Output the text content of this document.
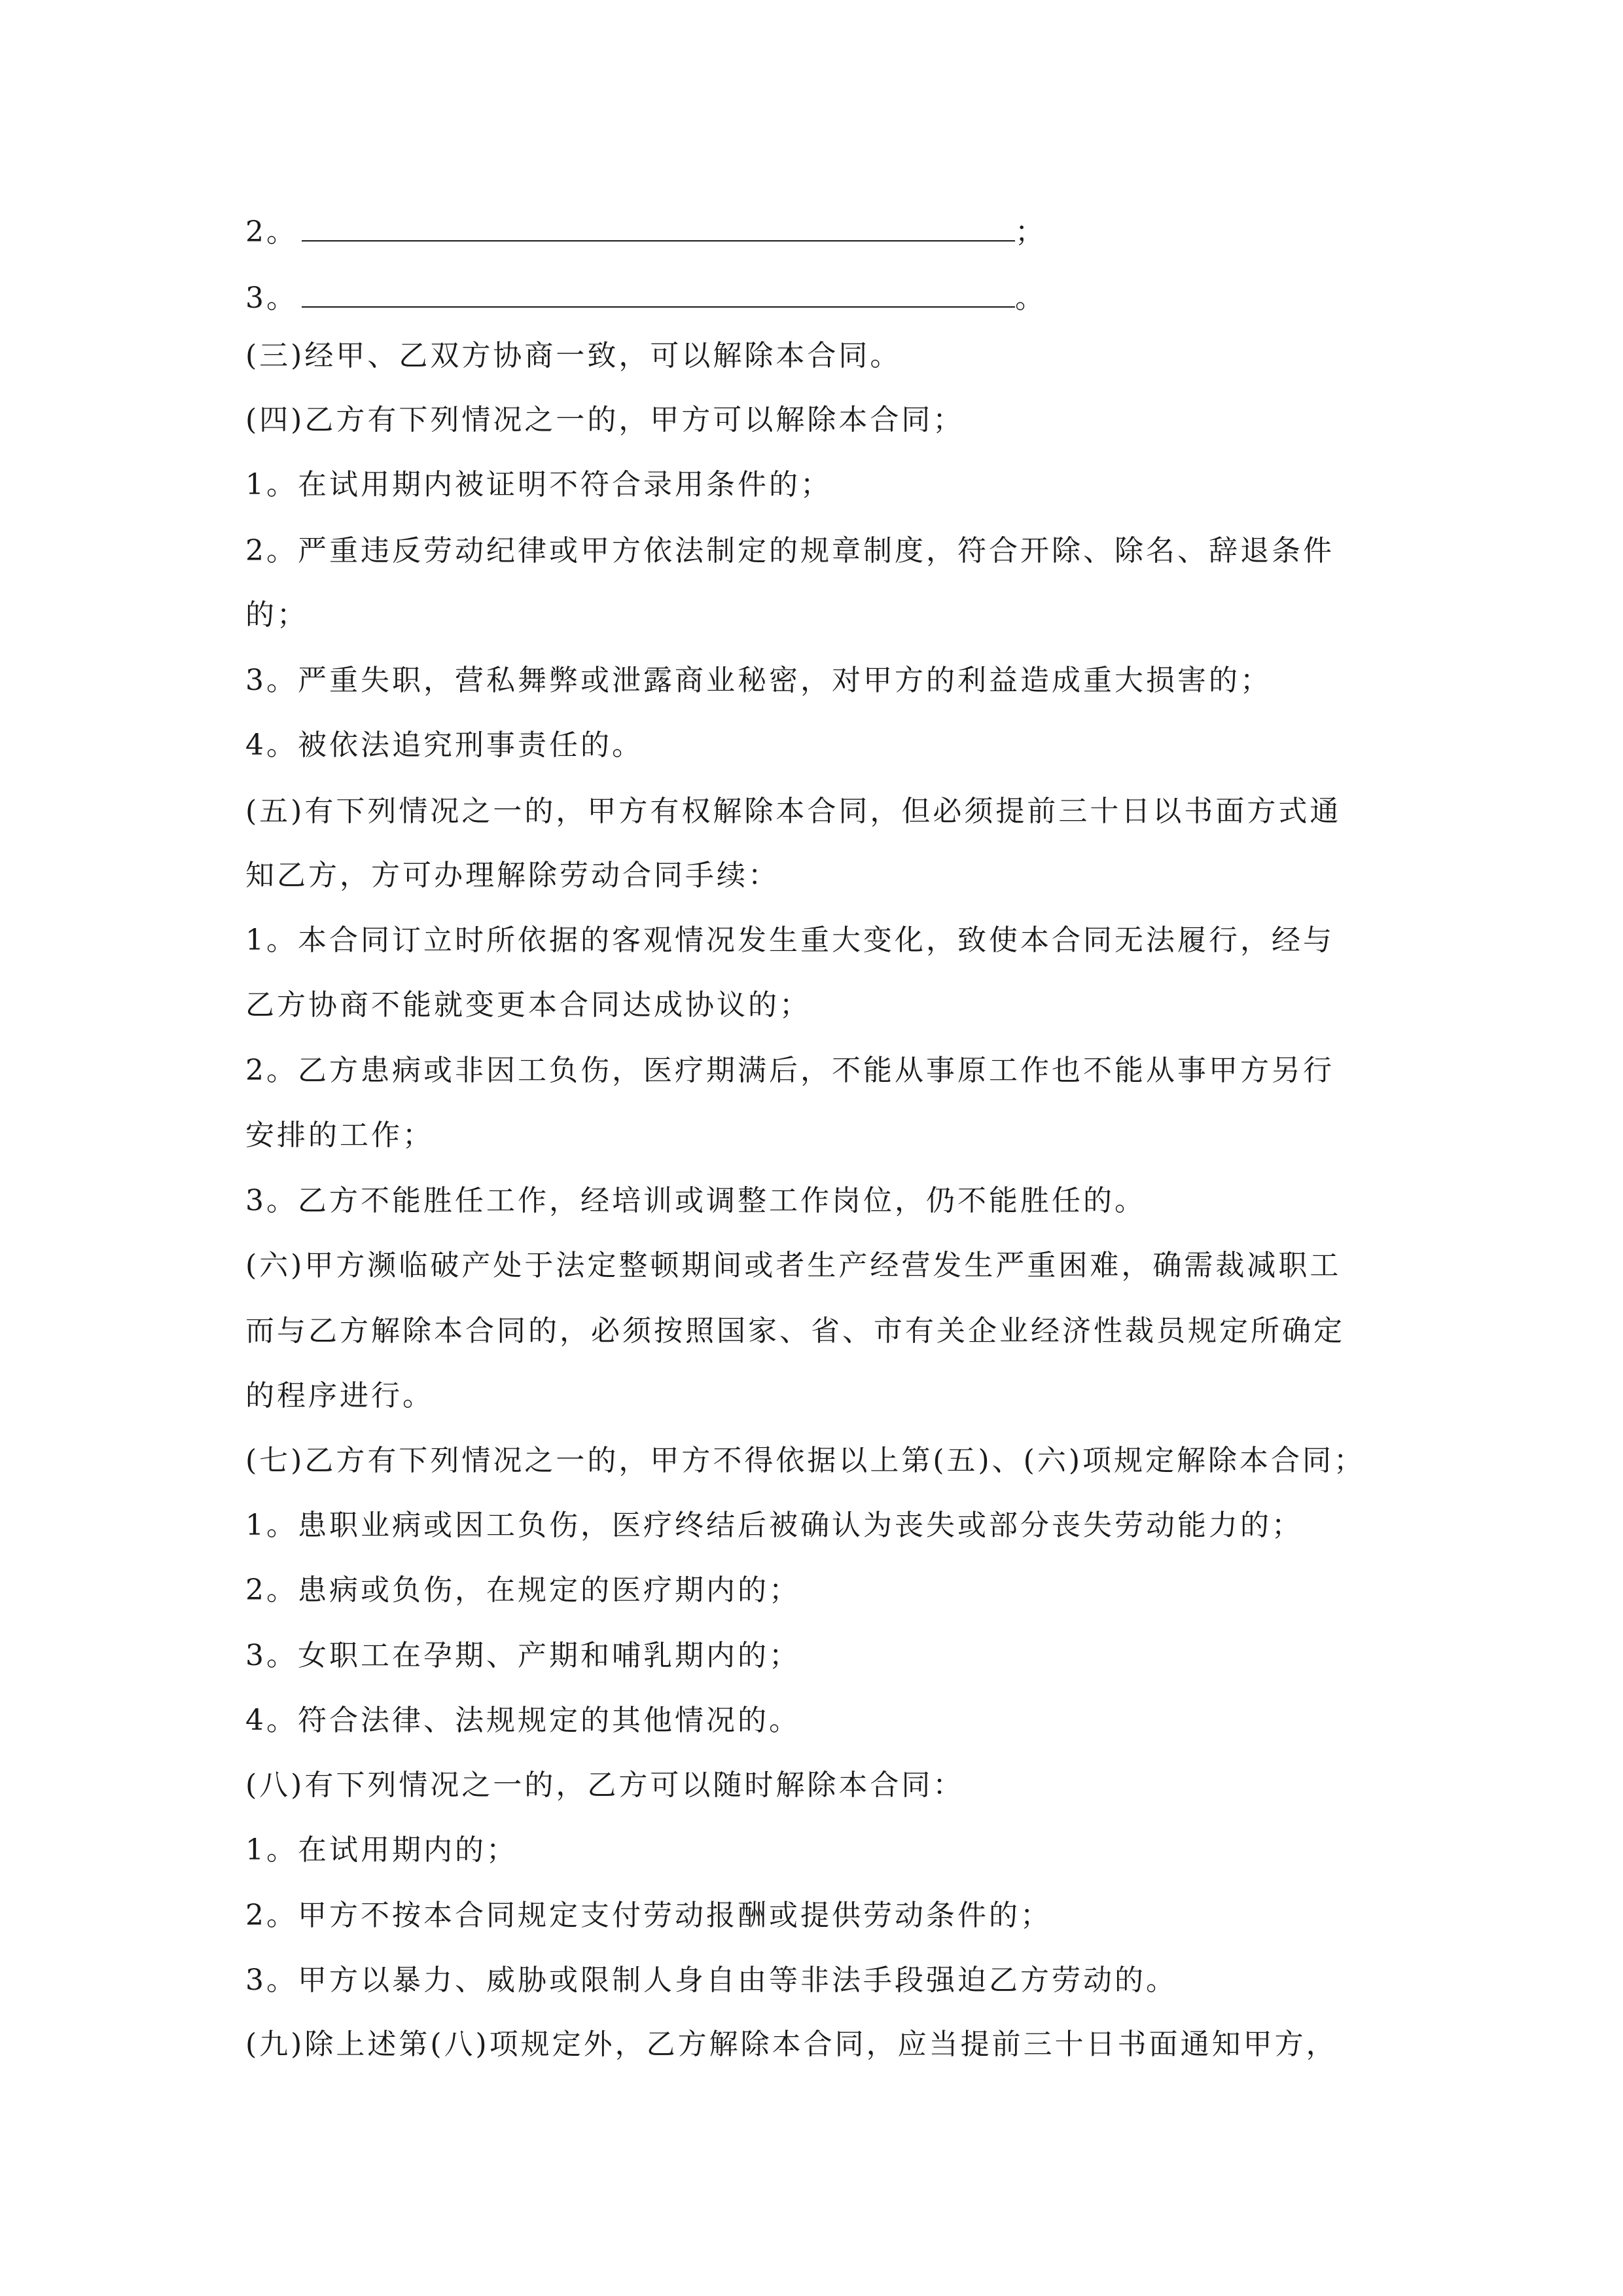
2。	；
3。	。
(三)经甲、乙双方协商一致，可以解除本合同。
(四)乙方有下列情况之一的，甲方可以解除本合同；
1。在试用期内被证明不符合录用条件的；
2。严重违反劳动纪律或甲方依法制定的规章制度，符合开除、除名、辞退条件
的；
3。严重失职，营私舞弊或泄露商业秘密，对甲方的利益造成重大损害的；
4。被依法追究刑事责任的。
(五)有下列情况之一的，甲方有权解除本合同，但必须提前三十日以书面方式通
知乙方，方可办理解除劳动合同手续：
1。本合同订立时所依据的客观情况发生重大变化，致使本合同无法履行，经与
乙方协商不能就变更本合同达成协议的；
2。乙方患病或非因工负伤，医疗期满后，不能从事原工作也不能从事甲方另行
安排的工作；
3。乙方不能胜任工作，经培训或调整工作岗位，仍不能胜任的。
(六)甲方濒临破产处于法定整顿期间或者生产经营发生严重困难，确需裁减职工
而与乙方解除本合同的，必须按照国家、省、市有关企业经济性裁员规定所确定
的程序进行。
(七)乙方有下列情况之一的，甲方不得依据以上第(五)、(六)项规定解除本合同；
1。患职业病或因工负伤，医疗终结后被确认为丧失或部分丧失劳动能力的；
2。患病或负伤，在规定的医疗期内的；
3。女职工在孕期、产期和哺乳期内的；
4。符合法律、法规规定的其他情况的。
(八)有下列情况之一的，乙方可以随时解除本合同：
1。在试用期内的；
2。甲方不按本合同规定支付劳动报酬或提供劳动条件的；
3。甲方以暴力、威胁或限制人身自由等非法手段强迫乙方劳动的。
(九)除上述第(八)项规定外，乙方解除本合同，应当提前三十日书面通知甲方，
